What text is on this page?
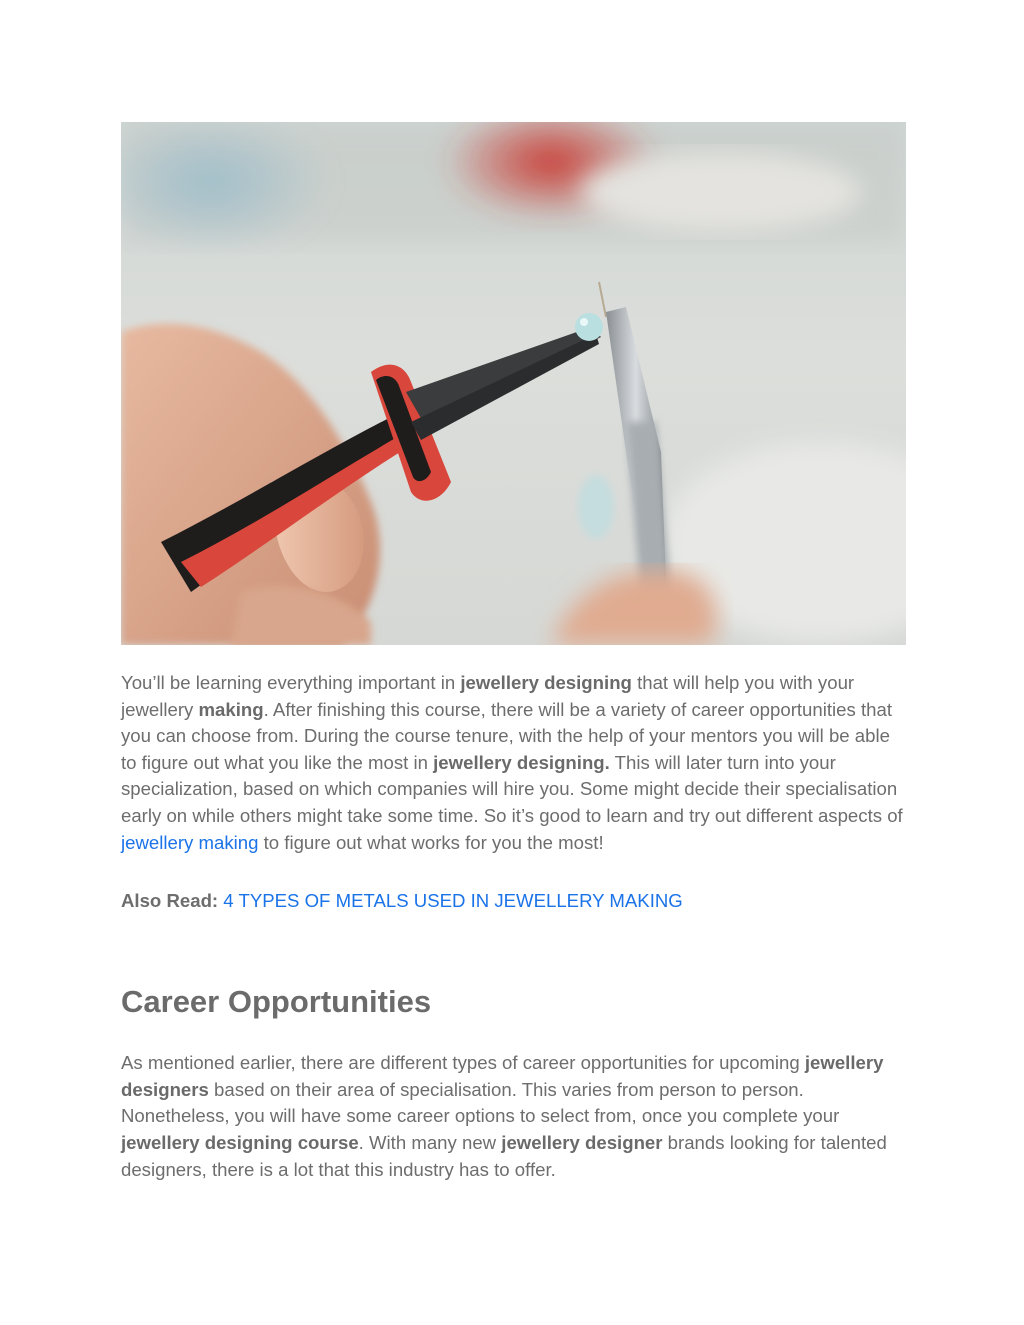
You’ll be learning everything important in jewellery designing that will help you with your jewellery making. After finishing this course, there will be a variety of career opportunities that you can choose from. During the course tenure, with the help of your mentors you will be able to figure out what you like the most in jewellery designing. This will later turn into your specialization, based on which companies will hire you. Some might decide their specialisation early on while others might take some time. So it’s good to learn and try out different aspects of jewellery making to figure out what works for you the most!

Also Read: 4 TYPES OF METALS USED IN JEWELLERY MAKING

Career Opportunities

As mentioned earlier, there are different types of career opportunities for upcoming jewellery designers based on their area of specialisation. This varies from person to person. Nonetheless, you will have some career options to select from, once you complete your jewellery designing course. With many new jewellery designer brands looking for talented designers, there is a lot that this industry has to offer.
